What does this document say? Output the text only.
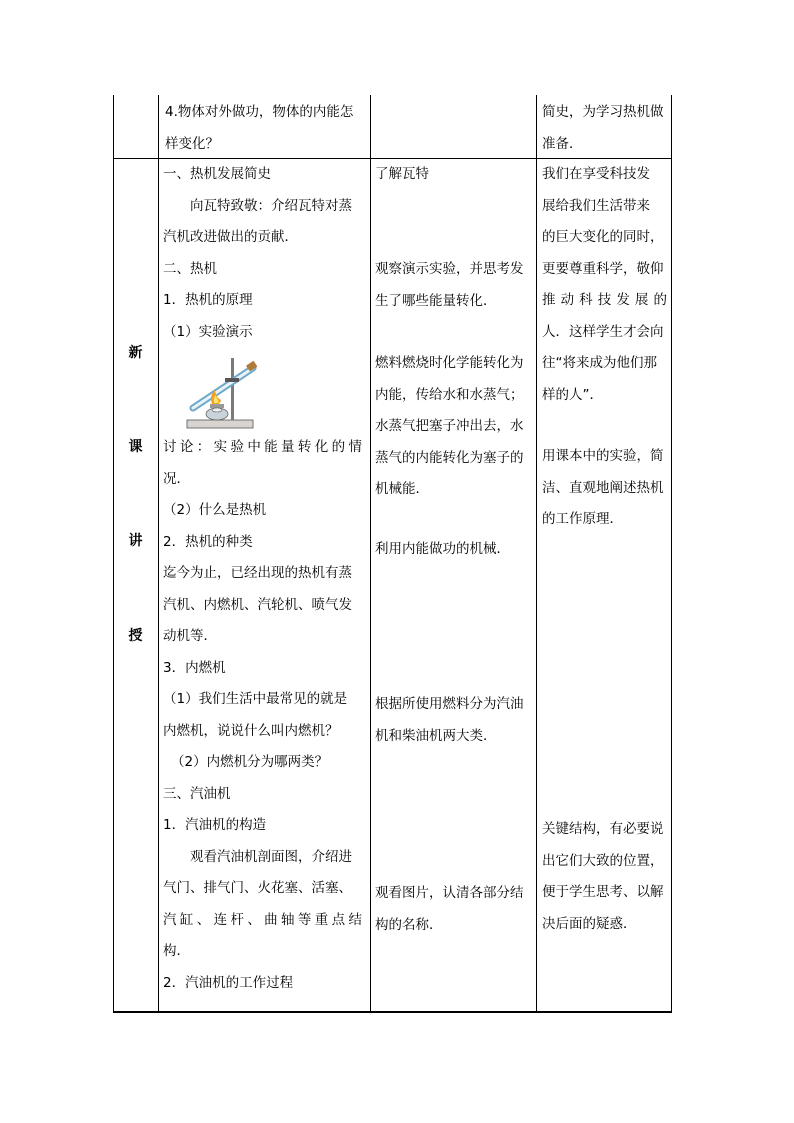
4.物体对外做功，物体的内能怎

样变化？

简史，为学习热机做

准备．

新
课
讲
授

一、热机发展简史

向瓦特致敬：介绍瓦特对蒸

汽机改进做出的贡献．

二、热机

1．热机的原理

（1）实验演示

讨论：实验中能量转化的情

况．

（2）什么是热机

2．热机的种类

迄今为止，已经出现的热机有蒸

汽机、内燃机、汽轮机、喷气发

动机等．

3．内燃机

（1）我们生活中最常见的就是

内燃机，说说什么叫内燃机？

（2）内燃机分为哪两类？

三、汽油机

1．汽油机的构造

观看汽油机剖面图，介绍进

气门、排气门、火花塞、活塞、

汽缸、连杆、曲轴等重点结

构．

2．汽油机的工作过程

了解瓦特

观察演示实验，并思考发

生了哪些能量转化．

燃料燃烧时化学能转化为

内能，传给水和水蒸气；

水蒸气把塞子冲出去，水

蒸气的内能转化为塞子的

机械能．

利用内能做功的机械．

根据所使用燃料分为汽油

机和柴油机两大类．

观看图片，认清各部分结

构的名称．

我们在享受科技发

展给我们生活带来

的巨大变化的同时，

更要尊重科学，敬仰

推动科技发展的

人．这样学生才会向

往“将来成为他们那

样的人”．

用课本中的实验，简

洁、直观地阐述热机

的工作原理．

关键结构，有必要说

出它们大致的位置，

便于学生思考、以解

决后面的疑惑．
